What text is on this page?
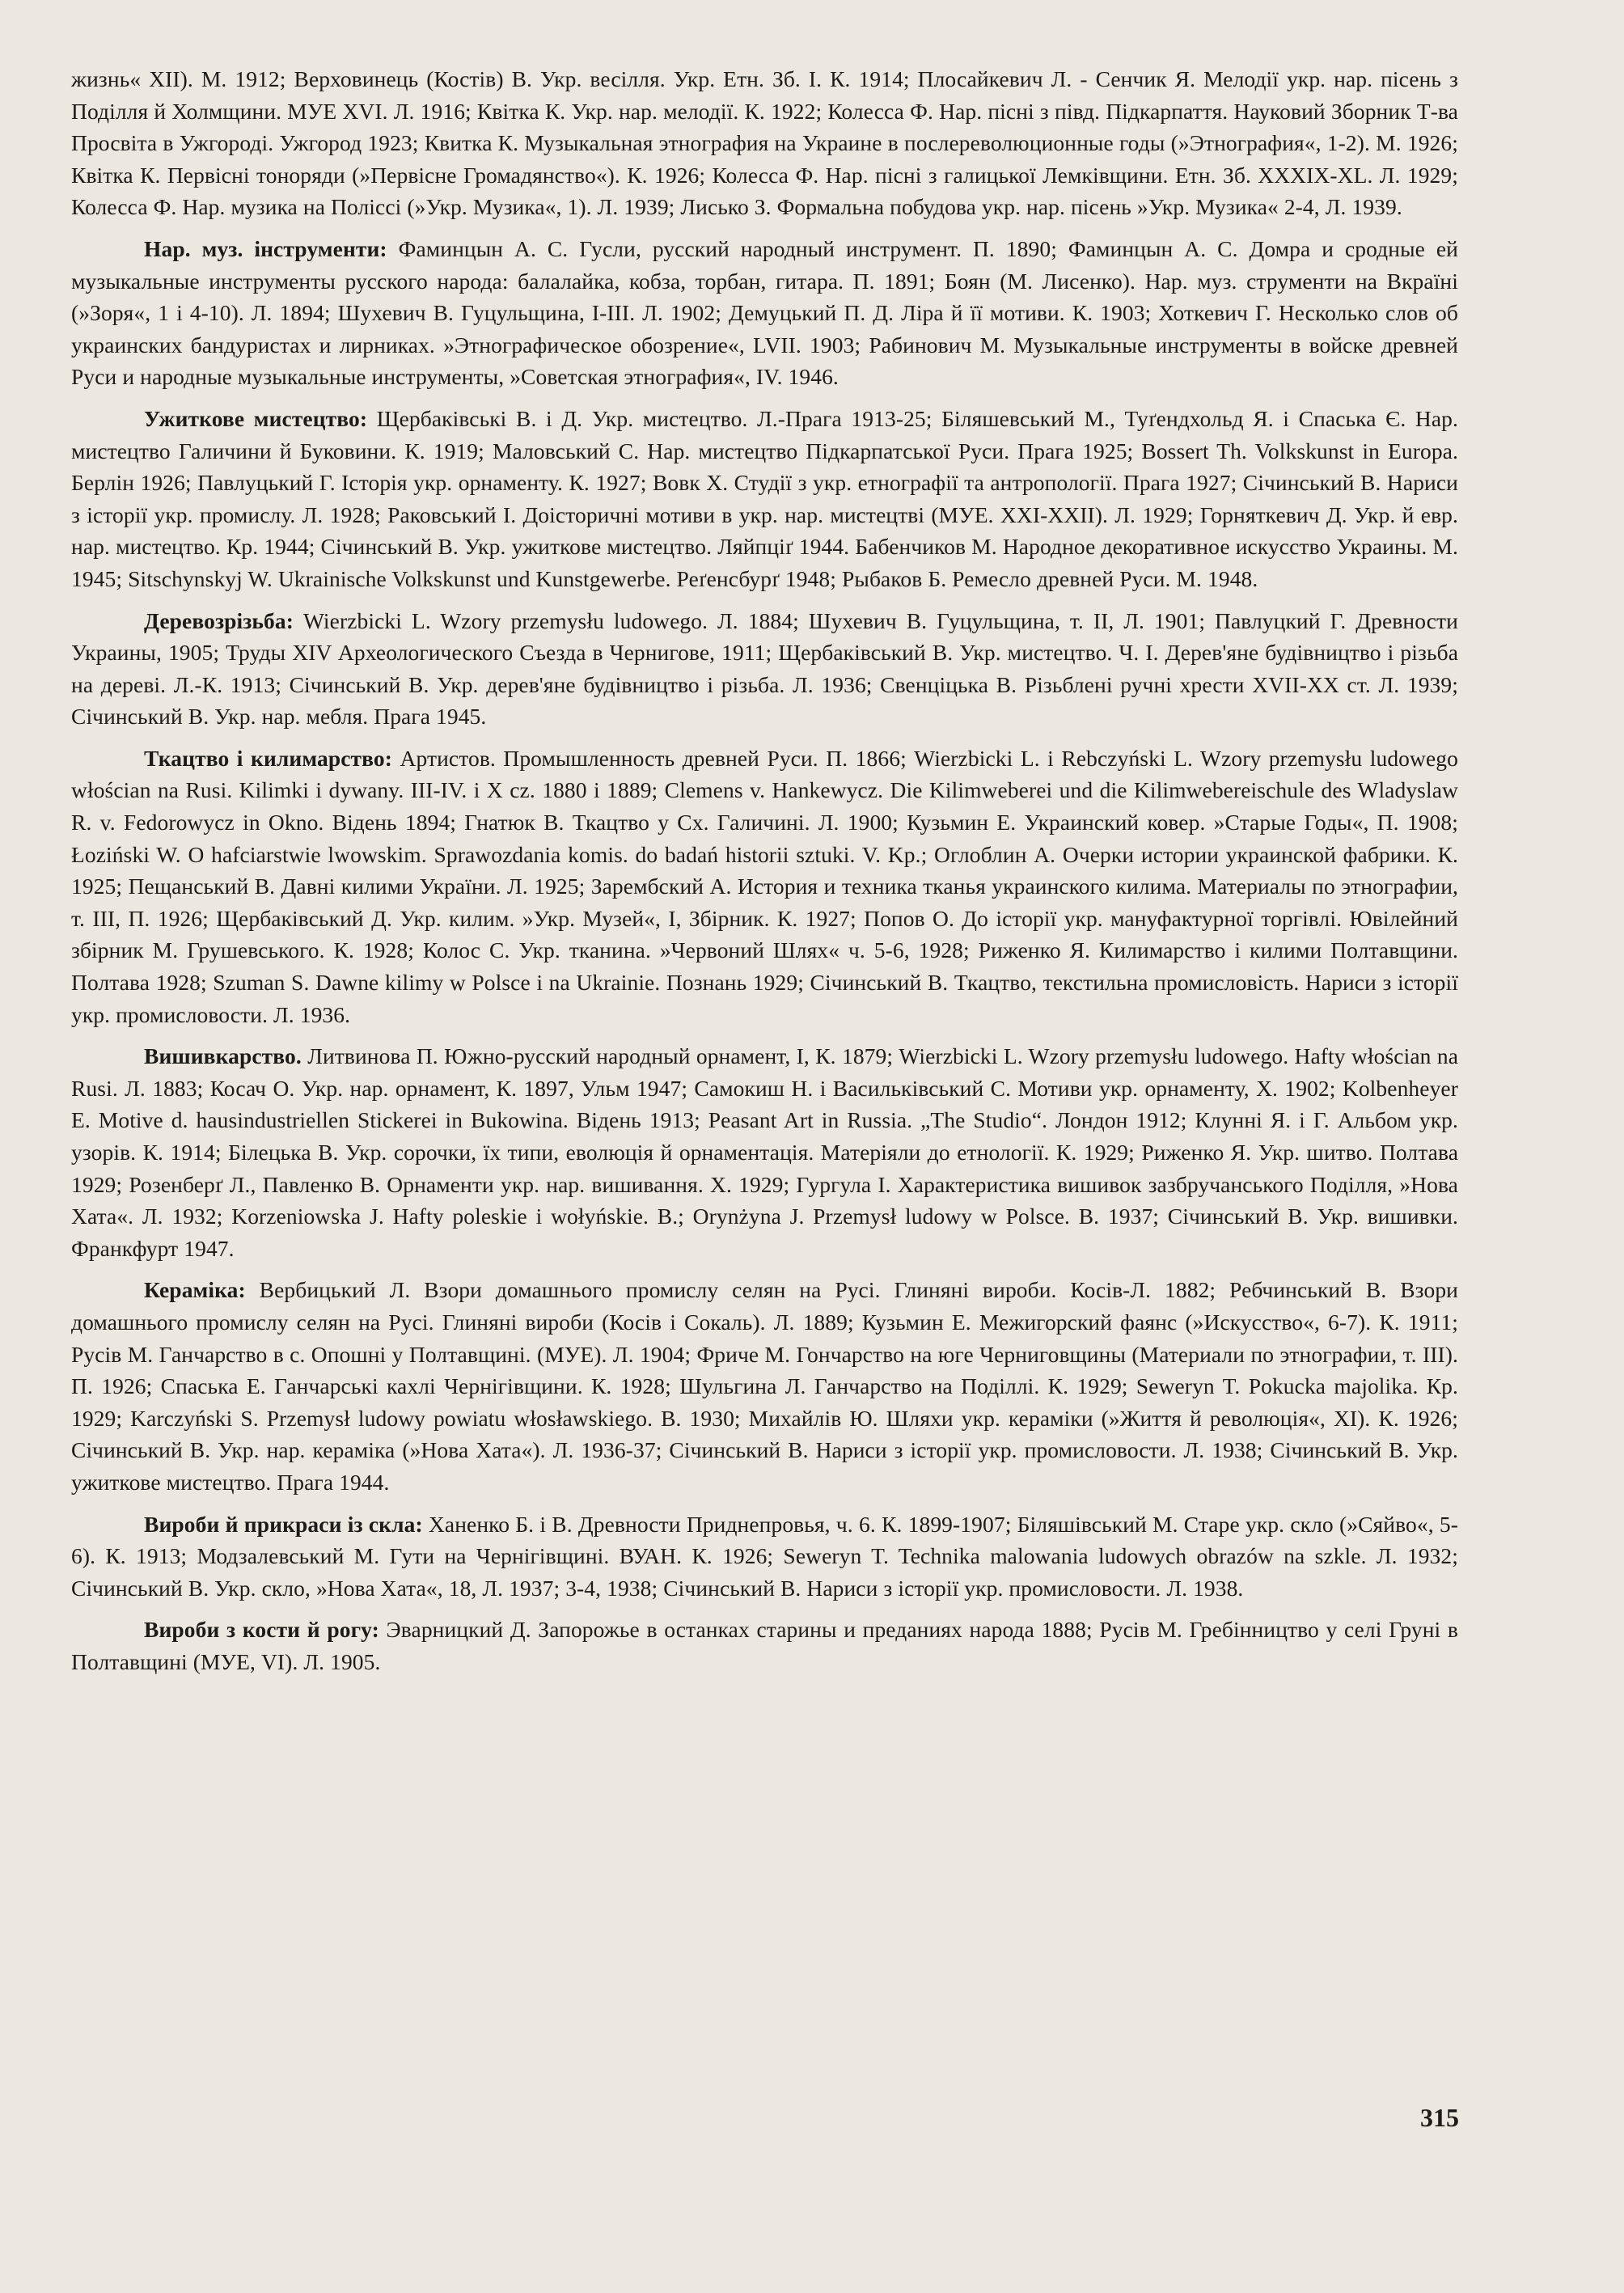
жизнь« XII). М. 1912; Верховинець (Костів) В. Укр. весілля. Укр. Етн. Зб. I. К. 1914; Плосайкевич Л. - Сенчик Я. Мелодії укр. нар. пісень з Поділля й Холмщини. МУЕ XVI. Л. 1916; Квітка К. Укр. нар. мелодії. К. 1922; Колесса Ф. Нар. пісні з півд. Підкарпаття. Науковий Зборник Т-ва Просвіта в Ужгороді. Ужгород 1923; Квитка К. Музыкальная этнография на Украине в послереволюционные годы (»Этнография«, 1-2). М. 1926; Квітка К. Первісні тоноряди (»Первісне Громадянство«). К. 1926; Колесса Ф. Нар. пісні з галицької Лемківщини. Етн. Зб. XXXIX-XL. Л. 1929; Колесса Ф. Нар. музика на Поліссі (»Укр. Музика«, 1). Л. 1939; Лисько З. Формальна побудова укр. нар. пісень »Укр. Музика« 2-4, Л. 1939.

Нар. муз. інструменти: Фаминцын А. С. Гусли, русский народный инструмент. П. 1890; Фаминцын А. С. Домра и сродные ей музыкальные инструменты русского народа: балалайка, кобза, торбан, гитара. П. 1891; Боян (М. Лисенко). Нар. муз. струменти на Вкраїні (»Зоря«, 1 і 4-10). Л. 1894; Шухевич В. Гуцульщина, I-III. Л. 1902; Демуцький П. Д. Ліра й її мотиви. К. 1903; Хоткевич Г. Несколько слов об украинских бандуристах и лирниках. »Этнографическое обозрение«, LVII. 1903; Рабинович М. Музыкальные инструменты в войске древней Руси и народные музыкальные инструменты, »Советская этнография«, IV. 1946.

Ужиткове мистецтво: Щербаківські В. і Д. Укр. мистецтво. Л.-Прага 1913-25; Біляшевський М., Туґендхольд Я. і Спаська Є. Нар. мистецтво Галичини й Буковини. К. 1919; Маловський С. Нар. мистецтво Підкарпатської Руси. Прага 1925; Bossert Th. Volkskunst in Europa. Берлін 1926; Павлуцький Г. Історія укр. орнаменту. К. 1927; Вовк Х. Студії з укр. етнографії та антропології. Прага 1927; Січинський В. Нариси з історії укр. промислу. Л. 1928; Раковський І. Доісторичні мотиви в укр. нар. мистецтві (МУЕ. XXI-XXII). Л. 1929; Горняткевич Д. Укр. й евр. нар. мистецтво. Кр. 1944; Січинський В. Укр. ужиткове мистецтво. Ляйпціґ 1944. Бабенчиков М. Народное декоративное искусство Украины. М. 1945; Sitschynskyj W. Ukrainische Volkskunst und Kunstgewerbe. Реґенсбурґ 1948; Рыбаков Б. Ремесло древней Руси. М. 1948.

Деревозрізьба: Wierzbicki L. Wzory przemysłu ludowego. Л. 1884; Шухевич В. Гуцульщина, т. II, Л. 1901; Павлуцкий Г. Древности Украины, 1905; Труды XIV Археологического Съезда в Чернигове, 1911; Щербаківський В. Укр. мистецтво. Ч. І. Дерев'яне будівництво і різьба на дереві. Л.-К. 1913; Січинський В. Укр. дерев'яне будівництво і різьба. Л. 1936; Свенціцька В. Різьблені ручні хрести XVII-XX ст. Л. 1939; Січинський В. Укр. нар. мебля. Прага 1945.

Ткацтво і килимарство: Артистов. Промышленность древней Руси. П. 1866; Wierzbicki L. i Rebczyński L. Wzory przemysłu ludowego włościan na Rusi. Kilimki i dywany. III-IV. i X cz. 1880 i 1889; Clemens v. Hankewycz. Die Kilimweberei und die Kilimwebereischule des Wladyslaw R. v. Fedorowycz in Okno. Відень 1894; Гнатюк В. Ткацтво у Сх. Галичині. Л. 1900; Кузьмин Е. Украинский ковер. »Старые Годы«, П. 1908; Łoziński W. O hafciarstwie lwowskim. Sprawozdania komis. do badań historii sztuki. V. Kp.; Оглоблин А. Очерки истории украинской фабрики. К. 1925; Пещанський В. Давні килими України. Л. 1925; Зарембский А. История и техника тканья украинского килима. Материалы по этнографии, т. III, П. 1926; Щербаківський Д. Укр. килим. »Укр. Музей«, І, Збірник. К. 1927; Попов О. До історії укр. мануфактурної торгівлі. Ювілейний збірник М. Грушевського. К. 1928; Колос С. Укр. тканина. »Червоний Шлях« ч. 5-6, 1928; Риженко Я. Килимарство і килими Полтавщини. Полтава 1928; Szuman S. Dawne kilimy w Polsce i na Ukrainie. Познань 1929; Січинський В. Ткацтво, текстильна промисловість. Нариси з історії укр. промисловости. Л. 1936.

Вишивкарство. Литвинова П. Южно-русский народный орнамент, I, К. 1879; Wierzbicki L. Wzory przemysłu ludowego. Hafty włościan na Rusi. Л. 1883; Косач О. Укр. нар. орнамент, К. 1897, Ульм 1947; Самокиш Н. і Васильківський С. Мотиви укр. орнаменту, X. 1902; Kolbenheyer E. Motive d. hausindustriellen Stickerei in Bukowina. Відень 1913; Peasant Art in Russia. „The Studio“. Лондон 1912; Клунні Я. і Г. Альбом укр. узорів. К. 1914; Білецька В. Укр. сорочки, їх типи, еволюція й орнаментація. Матеріяли до етнології. К. 1929; Риженко Я. Укр. шитво. Полтава 1929; Розенберґ Л., Павленко В. Орнаменти укр. нар. вишивання. X. 1929; Гургула І. Характеристика вишивок зазбручанського Поділля, »Нова Хата«. Л. 1932; Korzeniowska J. Hafty poleskie i wołyńskie. B.; Orynżyna J. Przemysł ludowy w Polsce. B. 1937; Січинський В. Укр. вишивки. Франкфурт 1947.

Кераміка: Вербицький Л. Взори домашнього промислу селян на Русі. Глиняні вироби. Косів-Л. 1882; Ребчинський В. Взори домашнього промислу селян на Русі. Глиняні вироби (Косів і Сокаль). Л. 1889; Кузьмин Е. Межигорский фаянс (»Искусство«, 6-7). К. 1911; Русів М. Ганчарство в с. Опошні у Полтавщині. (МУЕ). Л. 1904; Фриче М. Гончарство на юге Черниговщины (Материали по этнографии, т. III). П. 1926; Спаська Е. Ганчарські кахлі Чернігівщини. К. 1928; Шульгина Л. Ганчарство на Поділлі. К. 1929; Sewerуn T. Pokucka majolika. Кр. 1929; Karczyński S. Przemysł ludowy powiatu włosławskiego. В. 1930; Михайлів Ю. Шляхи укр. кераміки (»Життя й революція«, XI). К. 1926; Січинський В. Укр. нар. кераміка (»Нова Хата«). Л. 1936-37; Січинський В. Нариси з історії укр. промисловости. Л. 1938; Січинський В. Укр. ужиткове мистецтво. Прага 1944.

Вироби й прикраси із скла: Ханенко Б. і В. Древности Приднепровья, ч. 6. К. 1899-1907; Біляшівський М. Старе укр. скло (»Сяйво«, 5-6). К. 1913; Модзалевський М. Гути на Чернігівщині. ВУАН. К. 1926; Sewerуn T. Technika malowania ludowych obrazów na szkle. Л. 1932; Січинський В. Укр. скло, »Нова Хата«, 18, Л. 1937; 3-4, 1938; Січинський В. Нариси з історії укр. промисловости. Л. 1938.

Вироби з кости й рогу: Эварницкий Д. Запорожье в останках старины и преданиях народа 1888; Русів М. Гребінництво у селі Груні в Полтавщині (МУЕ, VI). Л. 1905.

315
